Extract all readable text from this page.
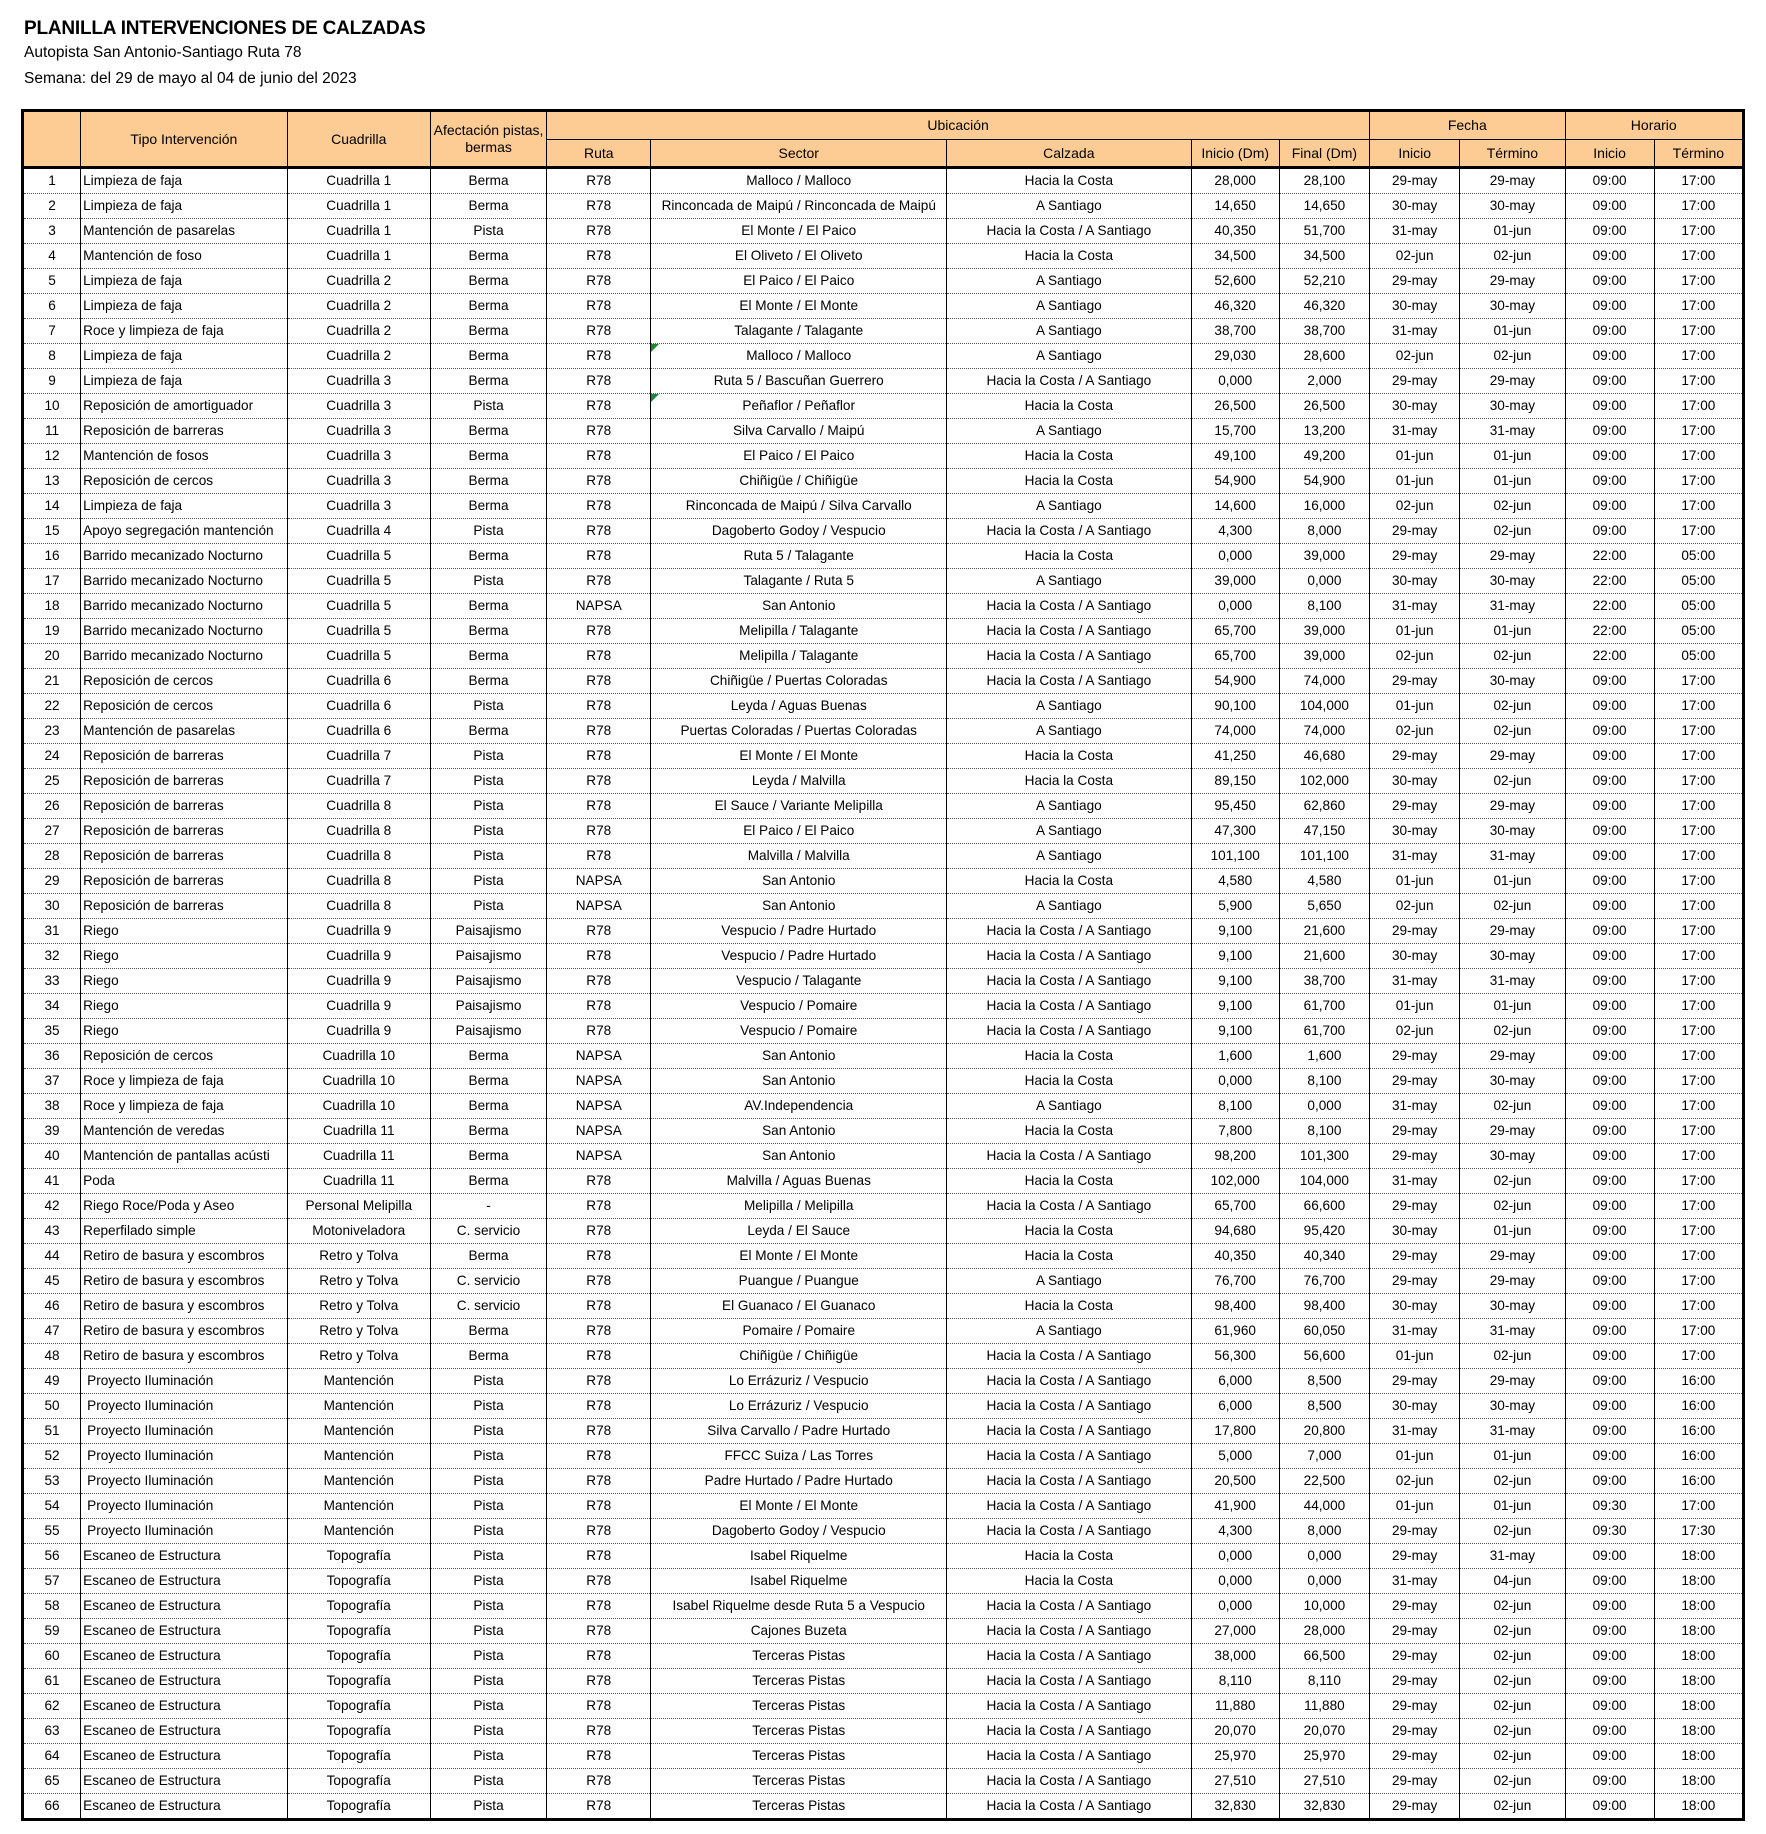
PLANILLA INTERVENCIONES DE CALZADAS
Autopista San Antonio-Santiago Ruta 78
Semana: del 29 de mayo al 04 de junio del 2023
	Tipo Intervención	Cuadrilla	Afectación pistas, bermas	Ubicación					Fecha		Horario	
				Ruta	Sector	Calzada	Inicio (Dm)	Final (Dm)	Inicio	Término	Inicio	Término
1	Limpieza de faja	Cuadrilla 1	Berma	R78	Malloco / Malloco	Hacia la Costa	28,000	28,100	29-may	29-may	09:00	17:00
2	Limpieza de faja	Cuadrilla 1	Berma	R78	Rinconcada de Maipú / Rinconcada de Maipú	A Santiago	14,650	14,650	30-may	30-may	09:00	17:00
3	Mantención de pasarelas	Cuadrilla 1	Pista	R78	El Monte / El Paico	Hacia la Costa / A Santiago	40,350	51,700	31-may	01-jun	09:00	17:00
4	Mantención de foso	Cuadrilla 1	Berma	R78	El Oliveto / El Oliveto	Hacia la Costa	34,500	34,500	02-jun	02-jun	09:00	17:00
5	Limpieza de faja	Cuadrilla 2	Berma	R78	El Paico / El Paico	A Santiago	52,600	52,210	29-may	29-may	09:00	17:00
6	Limpieza de faja	Cuadrilla 2	Berma	R78	El Monte / El Monte	A Santiago	46,320	46,320	30-may	30-may	09:00	17:00
7	Roce y limpieza de faja	Cuadrilla 2	Berma	R78	Talagante / Talagante	A Santiago	38,700	38,700	31-may	01-jun	09:00	17:00
8	Limpieza de faja	Cuadrilla 2	Berma	R78	Malloco / Malloco	A Santiago	29,030	28,600	02-jun	02-jun	09:00	17:00
9	Limpieza de faja	Cuadrilla 3	Berma	R78	Ruta 5 / Bascuñan Guerrero	Hacia la Costa / A Santiago	0,000	2,000	29-may	29-may	09:00	17:00
10	Reposición de amortiguador	Cuadrilla 3	Pista	R78	Peñaflor / Peñaflor	Hacia la Costa	26,500	26,500	30-may	30-may	09:00	17:00
11	Reposición de barreras	Cuadrilla 3	Berma	R78	Silva Carvallo / Maipú	A Santiago	15,700	13,200	31-may	31-may	09:00	17:00
12	Mantención de fosos	Cuadrilla 3	Berma	R78	El Paico / El Paico	Hacia la Costa	49,100	49,200	01-jun	01-jun	09:00	17:00
13	Reposición de cercos	Cuadrilla 3	Berma	R78	Chiñigüe / Chiñigüe	Hacia la Costa	54,900	54,900	01-jun	01-jun	09:00	17:00
14	Limpieza de faja	Cuadrilla 3	Berma	R78	Rinconcada de Maipú / Silva Carvallo	A Santiago	14,600	16,000	02-jun	02-jun	09:00	17:00
15	Apoyo segregación mantención	Cuadrilla 4	Pista	R78	Dagoberto Godoy / Vespucio	Hacia la Costa / A Santiago	4,300	8,000	29-may	02-jun	09:00	17:00
16	Barrido mecanizado Nocturno	Cuadrilla 5	Berma	R78	Ruta 5 / Talagante	Hacia la Costa	0,000	39,000	29-may	29-may	22:00	05:00
17	Barrido mecanizado Nocturno	Cuadrilla 5	Pista	R78	Talagante / Ruta 5	A Santiago	39,000	0,000	30-may	30-may	22:00	05:00
18	Barrido mecanizado Nocturno	Cuadrilla 5	Berma	NAPSA	San Antonio	Hacia la Costa / A Santiago	0,000	8,100	31-may	31-may	22:00	05:00
19	Barrido mecanizado Nocturno	Cuadrilla 5	Berma	R78	Melipilla / Talagante	Hacia la Costa / A Santiago	65,700	39,000	01-jun	01-jun	22:00	05:00
20	Barrido mecanizado Nocturno	Cuadrilla 5	Berma	R78	Melipilla / Talagante	Hacia la Costa / A Santiago	65,700	39,000	02-jun	02-jun	22:00	05:00
21	Reposición de cercos	Cuadrilla 6	Berma	R78	Chiñigüe / Puertas Coloradas	Hacia la Costa / A Santiago	54,900	74,000	29-may	30-may	09:00	17:00
22	Reposición de cercos	Cuadrilla 6	Pista	R78	Leyda / Aguas Buenas	A Santiago	90,100	104,000	01-jun	02-jun	09:00	17:00
23	Mantención de pasarelas	Cuadrilla 6	Berma	R78	Puertas Coloradas / Puertas Coloradas	A Santiago	74,000	74,000	02-jun	02-jun	09:00	17:00
24	Reposición de barreras	Cuadrilla 7	Pista	R78	El Monte / El Monte	Hacia la Costa	41,250	46,680	29-may	29-may	09:00	17:00
25	Reposición de barreras	Cuadrilla 7	Pista	R78	Leyda / Malvilla	Hacia la Costa	89,150	102,000	30-may	02-jun	09:00	17:00
26	Reposición de barreras	Cuadrilla 8	Pista	R78	El Sauce / Variante Melipilla	A Santiago	95,450	62,860	29-may	29-may	09:00	17:00
27	Reposición de barreras	Cuadrilla 8	Pista	R78	El Paico / El Paico	A Santiago	47,300	47,150	30-may	30-may	09:00	17:00
28	Reposición de barreras	Cuadrilla 8	Pista	R78	Malvilla / Malvilla	A Santiago	101,100	101,100	31-may	31-may	09:00	17:00
29	Reposición de barreras	Cuadrilla 8	Pista	NAPSA	San Antonio	Hacia la Costa	4,580	4,580	01-jun	01-jun	09:00	17:00
30	Reposición de barreras	Cuadrilla 8	Pista	NAPSA	San Antonio	A Santiago	5,900	5,650	02-jun	02-jun	09:00	17:00
31	Riego	Cuadrilla 9	Paisajismo	R78	Vespucio / Padre Hurtado	Hacia la Costa / A Santiago	9,100	21,600	29-may	29-may	09:00	17:00
32	Riego	Cuadrilla 9	Paisajismo	R78	Vespucio / Padre Hurtado	Hacia la Costa / A Santiago	9,100	21,600	30-may	30-may	09:00	17:00
33	Riego	Cuadrilla 9	Paisajismo	R78	Vespucio / Talagante	Hacia la Costa / A Santiago	9,100	38,700	31-may	31-may	09:00	17:00
34	Riego	Cuadrilla 9	Paisajismo	R78	Vespucio / Pomaire	Hacia la Costa / A Santiago	9,100	61,700	01-jun	01-jun	09:00	17:00
35	Riego	Cuadrilla 9	Paisajismo	R78	Vespucio / Pomaire	Hacia la Costa / A Santiago	9,100	61,700	02-jun	02-jun	09:00	17:00
36	Reposición de cercos	Cuadrilla 10	Berma	NAPSA	San Antonio	Hacia la Costa	1,600	1,600	29-may	29-may	09:00	17:00
37	Roce y limpieza de faja	Cuadrilla 10	Berma	NAPSA	San Antonio	Hacia la Costa	0,000	8,100	29-may	30-may	09:00	17:00
38	Roce y limpieza de faja	Cuadrilla 10	Berma	NAPSA	AV.Independencia	A Santiago	8,100	0,000	31-may	02-jun	09:00	17:00
39	Mantención de veredas	Cuadrilla 11	Berma	NAPSA	San Antonio	Hacia la Costa	7,800	8,100	29-may	29-may	09:00	17:00
40	Mantención de pantallas acústi	Cuadrilla 11	Berma	NAPSA	San Antonio	Hacia la Costa / A Santiago	98,200	101,300	29-may	30-may	09:00	17:00
41	Poda	Cuadrilla 11	Berma	R78	Malvilla / Aguas Buenas	Hacia la Costa	102,000	104,000	31-may	02-jun	09:00	17:00
42	Riego Roce/Poda y Aseo	Personal Melipilla	-	R78	Melipilla / Melipilla	Hacia la Costa / A Santiago	65,700	66,600	29-may	02-jun	09:00	17:00
43	Reperfilado simple	Motoniveladora	C. servicio	R78	Leyda / El Sauce	Hacia la Costa	94,680	95,420	30-may	01-jun	09:00	17:00
44	Retiro de basura y escombros	Retro y Tolva	Berma	R78	El Monte / El Monte	Hacia la Costa	40,350	40,340	29-may	29-may	09:00	17:00
45	Retiro de basura y escombros	Retro y Tolva	C. servicio	R78	Puangue / Puangue	A Santiago	76,700	76,700	29-may	29-may	09:00	17:00
46	Retiro de basura y escombros	Retro y Tolva	C. servicio	R78	El Guanaco / El Guanaco	Hacia la Costa	98,400	98,400	30-may	30-may	09:00	17:00
47	Retiro de basura y escombros	Retro y Tolva	Berma	R78	Pomaire / Pomaire	A Santiago	61,960	60,050	31-may	31-may	09:00	17:00
48	Retiro de basura y escombros	Retro y Tolva	Berma	R78	Chiñigüe / Chiñigüe	Hacia la Costa / A Santiago	56,300	56,600	01-jun	02-jun	09:00	17:00
49	Proyecto Iluminación	Mantención	Pista	R78	Lo Errázuriz / Vespucio	Hacia la Costa / A Santiago	6,000	8,500	29-may	29-may	09:00	16:00
50	Proyecto Iluminación	Mantención	Pista	R78	Lo Errázuriz / Vespucio	Hacia la Costa / A Santiago	6,000	8,500	30-may	30-may	09:00	16:00
51	Proyecto Iluminación	Mantención	Pista	R78	Silva Carvallo / Padre Hurtado	Hacia la Costa / A Santiago	17,800	20,800	31-may	31-may	09:00	16:00
52	Proyecto Iluminación	Mantención	Pista	R78	FFCC Suiza / Las Torres	Hacia la Costa / A Santiago	5,000	7,000	01-jun	01-jun	09:00	16:00
53	Proyecto Iluminación	Mantención	Pista	R78	Padre Hurtado / Padre Hurtado	Hacia la Costa / A Santiago	20,500	22,500	02-jun	02-jun	09:00	16:00
54	Proyecto Iluminación	Mantención	Pista	R78	El Monte / El Monte	Hacia la Costa / A Santiago	41,900	44,000	01-jun	01-jun	09:30	17:00
55	Proyecto Iluminación	Mantención	Pista	R78	Dagoberto Godoy / Vespucio	Hacia la Costa / A Santiago	4,300	8,000	29-may	02-jun	09:30	17:30
56	Escaneo de Estructura	Topografía	Pista	R78	Isabel Riquelme	Hacia la Costa	0,000	0,000	29-may	31-may	09:00	18:00
57	Escaneo de Estructura	Topografía	Pista	R78	Isabel Riquelme	Hacia la Costa	0,000	0,000	31-may	04-jun	09:00	18:00
58	Escaneo de Estructura	Topografía	Pista	R78	Isabel Riquelme desde Ruta 5 a Vespucio	Hacia la Costa / A Santiago	0,000	10,000	29-may	02-jun	09:00	18:00
59	Escaneo de Estructura	Topografía	Pista	R78	Cajones Buzeta	Hacia la Costa / A Santiago	27,000	28,000	29-may	02-jun	09:00	18:00
60	Escaneo de Estructura	Topografía	Pista	R78	Terceras Pistas	Hacia la Costa / A Santiago	38,000	66,500	29-may	02-jun	09:00	18:00
61	Escaneo de Estructura	Topografía	Pista	R78	Terceras Pistas	Hacia la Costa / A Santiago	8,110	8,110	29-may	02-jun	09:00	18:00
62	Escaneo de Estructura	Topografía	Pista	R78	Terceras Pistas	Hacia la Costa / A Santiago	11,880	11,880	29-may	02-jun	09:00	18:00
63	Escaneo de Estructura	Topografía	Pista	R78	Terceras Pistas	Hacia la Costa / A Santiago	20,070	20,070	29-may	02-jun	09:00	18:00
64	Escaneo de Estructura	Topografía	Pista	R78	Terceras Pistas	Hacia la Costa / A Santiago	25,970	25,970	29-may	02-jun	09:00	18:00
65	Escaneo de Estructura	Topografía	Pista	R78	Terceras Pistas	Hacia la Costa / A Santiago	27,510	27,510	29-may	02-jun	09:00	18:00
66	Escaneo de Estructura	Topografía	Pista	R78	Terceras Pistas	Hacia la Costa / A Santiago	32,830	32,830	29-may	02-jun	09:00	18:00
